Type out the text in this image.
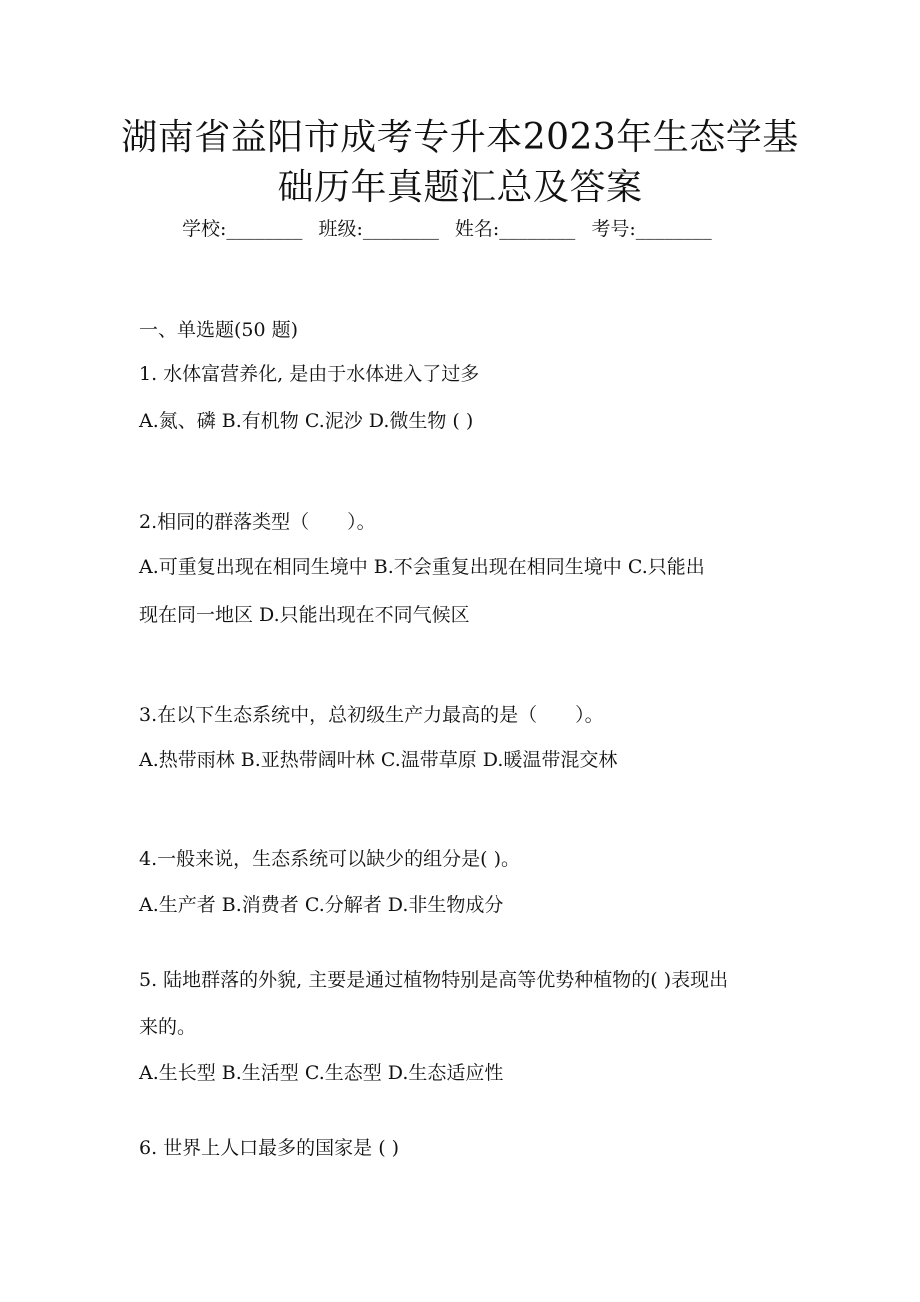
湖南省益阳市成考专升本2023年生态学基
础历年真题汇总及答案
学校:________ 班级:________ 姓名:________ 考号:________
一、单选题(50 题)
1. 水体富营养化, 是由于水体进入了过多
A.氮、磷 B.有机物 C.泥沙 D.微生物 ( )
2.相同的群落类型（　　）。
A.可重复出现在相同生境中 B.不会重复出现在相同生境中 C.只能出
现在同一地区 D.只能出现在不同气候区
3.在以下生态系统中，总初级生产力最高的是（　　）。
A.热带雨林 B.亚热带阔叶林 C.温带草原 D.暖温带混交林
4.一般来说，生态系统可以缺少的组分是( )。
A.生产者 B.消费者 C.分解者 D.非生物成分
5. 陆地群落的外貌, 主要是通过植物特别是高等优势种植物的( )表现出
来的。
A.生长型 B.生活型 C.生态型 D.生态适应性
6. 世界上人口最多的国家是 ( )
